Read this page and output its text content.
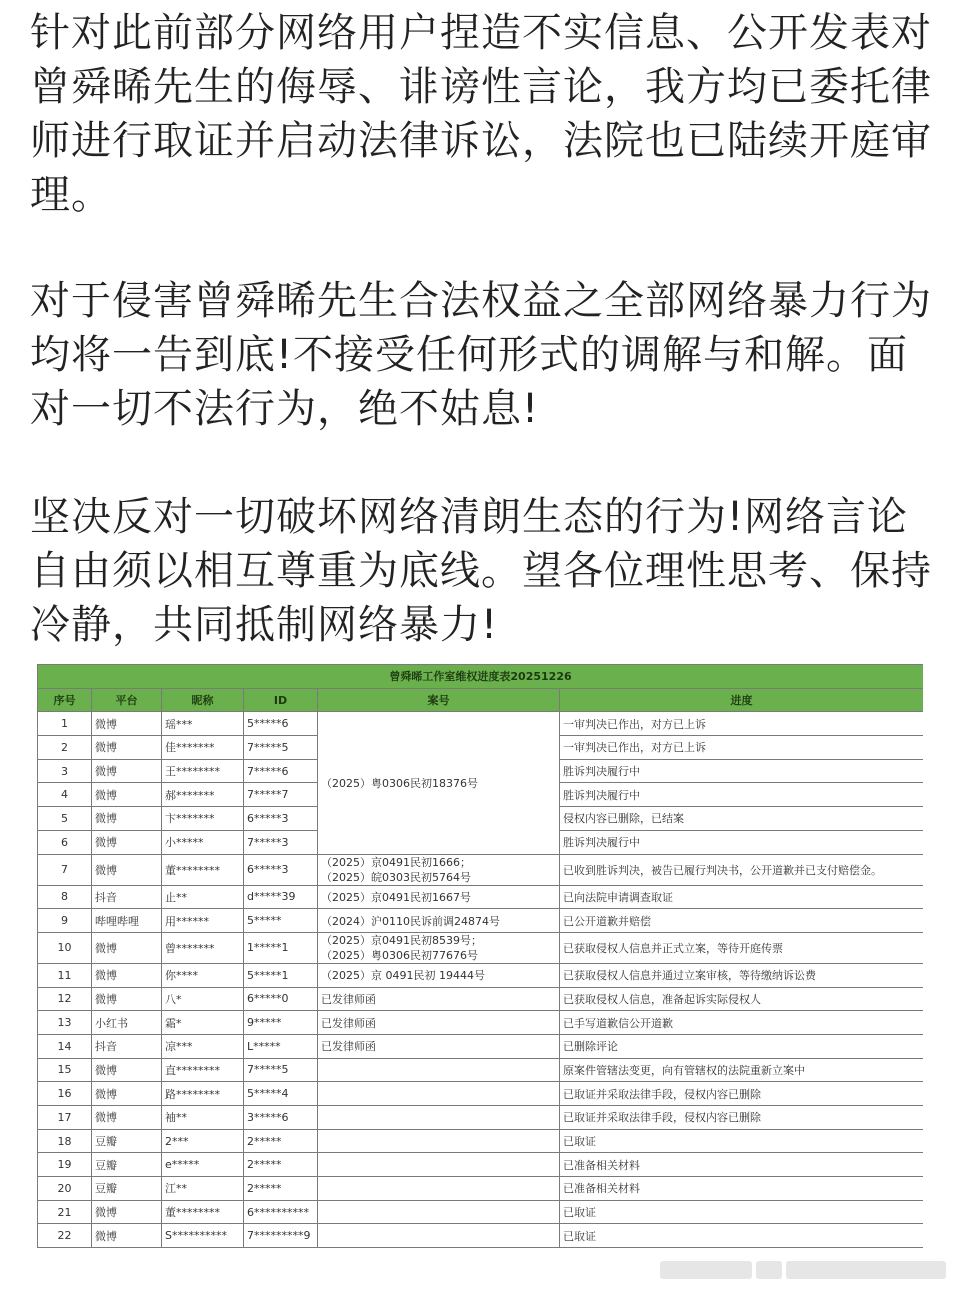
针对此前部分网络用户捏造不实信息、公开发表对曾舜晞先生的侮辱、诽谤性言论，我方均已委托律师进行取证并启动法律诉讼，法院也已陆续开庭审理。

对于侵害曾舜晞先生合法权益之全部网络暴力行为均将一告到底!不接受任何形式的调解与和解。面对一切不法行为，绝不姑息!

坚决反对一切破坏网络清朗生态的行为!网络言论自由须以相互尊重为底线。望各位理性思考、保持冷静，共同抵制网络暴力!

曾舜晞工作室维权进度表20251226					
序号	平台	昵称	ID	案号	进度
1	微博	瑶***	5*****6	（2025）粤0306民初18376号	一审判决已作出，对方已上诉
2	微博	佳*******	7*****5		一审判决已作出，对方已上诉
3	微博	王********	7*****6		胜诉判决履行中
4	微博	郝*******	7*****7		胜诉判决履行中
5	微博	卞*******	6*****3		侵权内容已删除，已结案
6	微博	小*****	7*****3		胜诉判决履行中
7	微博	董********	6*****3	（2025）京0491民初1666；
（2025）皖0303民初5764号	已收到胜诉判决，被告已履行判决书，公开道歉并已支付赔偿金。
8	抖音	止**	d*****39	（2025）京0491民初1667号	已向法院申请调查取证
9	哔哩哔哩	用******	5*****	（2024）沪0110民诉前调24874号	已公开道歉并赔偿
10	微博	曾*******	1*****1	（2025）京0491民初8539号；
（2025）粤0306民初77676号	已获取侵权人信息并正式立案，等待开庭传票
11	微博	你****	5*****1	（2025）京 0491民初 19444号	已获取侵权人信息并通过立案审核，等待缴纳诉讼费
12	微博	八*	6*****0	已发律师函	已获取侵权人信息，准备起诉实际侵权人
13	小红书	霜*	9*****	已发律师函	已手写道歉信公开道歉
14	抖音	凉***	L*****	已发律师函	已删除评论
15	微博	直********	7*****5		原案件管辖法变更，向有管辖权的法院重新立案中
16	微博	路********	5*****4		已取证并采取法律手段，侵权内容已删除
17	微博	袖**	3*****6		已取证并采取法律手段，侵权内容已删除
18	豆瓣	2***	2*****		已取证
19	豆瓣	e*****	2*****		已准备相关材料
20	豆瓣	江**	2*****		已准备相关材料
21	微博	董********	6**********		已取证
22	微博	S**********	7*********9		已取证
